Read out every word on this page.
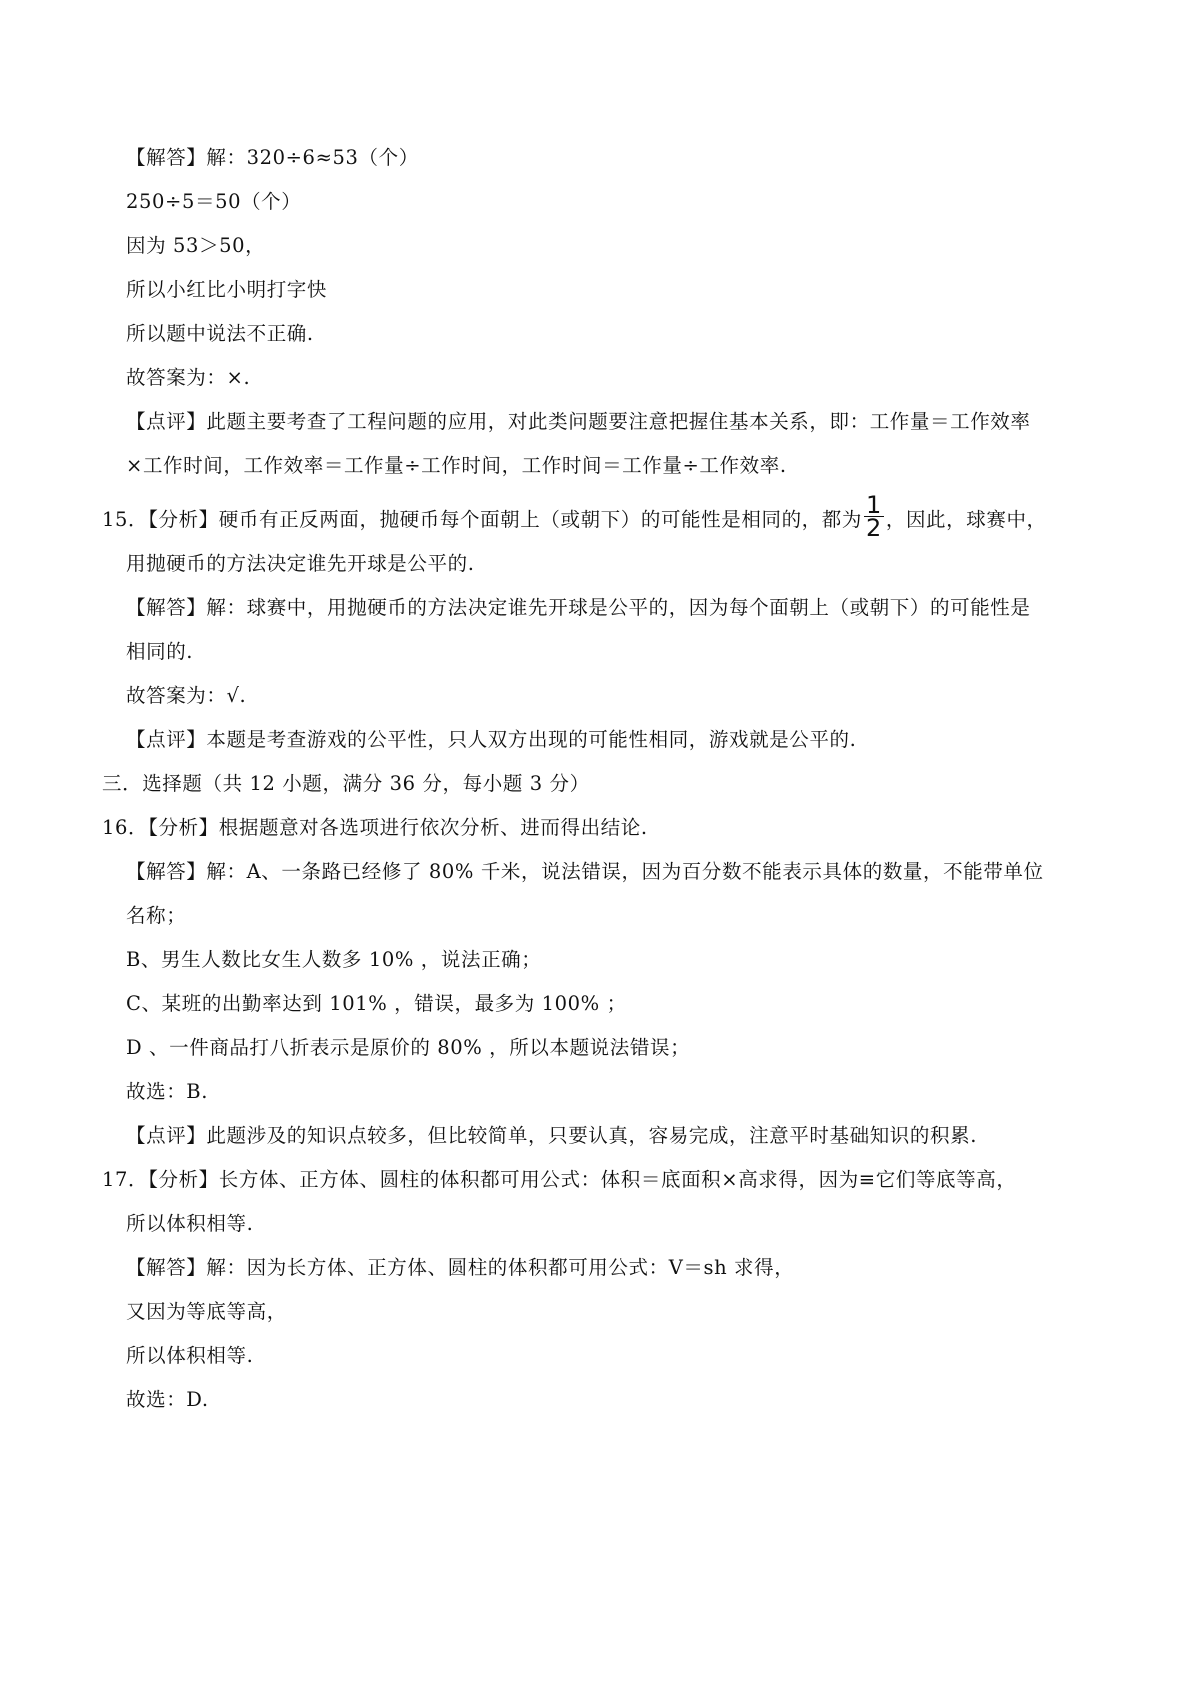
【解答】解：320÷6≈53（个）
250÷5＝50（个）
因为 53＞50，
所以小红比小明打字快
所以题中说法不正确.
故答案为：×.
【点评】此题主要考查了工程问题的应用，对此类问题要注意把握住基本关系，即：工作量＝工作效率
×工作时间，工作效率＝工作量÷工作时间，工作时间＝工作量÷工作效率.
15．【分析】硬币有正反两面，抛硬币每个面朝上（或朝下）的可能性是相同的，都为 $\frac{1}{2}$ ，因此，球赛中，
用抛硬币的方法决定谁先开球是公平的.
【解答】解：球赛中，用抛硬币的方法决定谁先开球是公平的，因为每个面朝上（或朝下）的可能性是
相同的.
故答案为：√.
【点评】本题是考查游戏的公平性，只人双方出现的可能性相同，游戏就是公平的.
三．选择题（共 12 小题，满分 36 分，每小题 3 分）
16．【分析】根据题意对各选项进行依次分析、进而得出结论.
【解答】解：A、一条路已经修了 80% 千米，说法错误，因为百分数不能表示具体的数量，不能带单位
名称；
B、男生人数比女生人数多 10% ，说法正确；
C、某班的出勤率达到 101% ，错误，最多为 100% ；
D 、一件商品打八折表示是原价的 80% ，所以本题说法错误；
故选：B.
【点评】此题涉及的知识点较多，但比较简单，只要认真，容易完成，注意平时基础知识的积累.
17．【分析】长方体、正方体、圆柱的体积都可用公式：体积＝底面积×高求得，因为≡它们等底等高，
所以体积相等.
【解答】解：因为长方体、正方体、圆柱的体积都可用公式：V＝sh 求得，
又因为等底等高，
所以体积相等.
故选：D.
